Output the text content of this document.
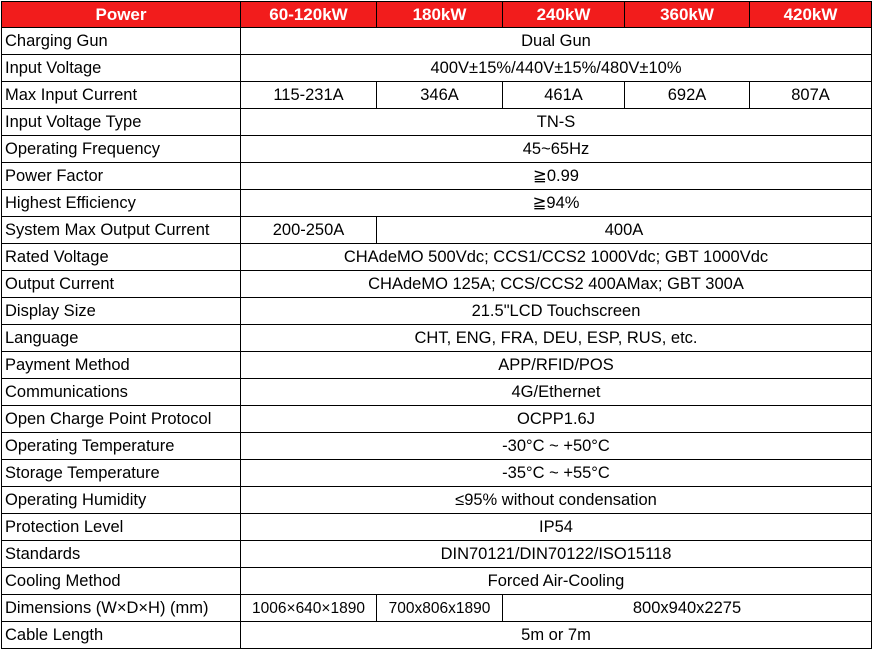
Power	60-120kW	180kW	240kW	360kW	420kW
Charging Gun	Dual Gun				
Input Voltage	400V±15%/440V±15%/480V±10%				
Max Input Current	115-231A	346A	461A	692A	807A
Input Voltage Type	TN-S				
Operating Frequency	45~65Hz				
Power Factor	≧0.99				
Highest Efficiency	≧94%				
System Max Output Current	200-250A	400A			
Rated Voltage	CHAdeMO 500Vdc; CCS1/CCS2 1000Vdc; GBT 1000Vdc				
Output Current	CHAdeMO 125A; CCS/CCS2 400AMax; GBT 300A				
Display Size	21.5"LCD Touchscreen				
Language	CHT, ENG, FRA, DEU, ESP, RUS, etc.				
Payment Method	APP/RFID/POS				
Communications	4G/Ethernet				
Open Charge Point Protocol	OCPP1.6J				
Operating Temperature	-30°C ~ +50°C				
Storage Temperature	-35°C ~ +55°C				
Operating Humidity	≤95% without condensation				
Protection Level	IP54				
Standards	DIN70121/DIN70122/ISO15118				
Cooling Method	Forced Air-Cooling				
Dimensions (W×D×H) (mm)	1006×640×1890	700x806x1890	800x940x2275		
Cable Length	5m or 7m				
